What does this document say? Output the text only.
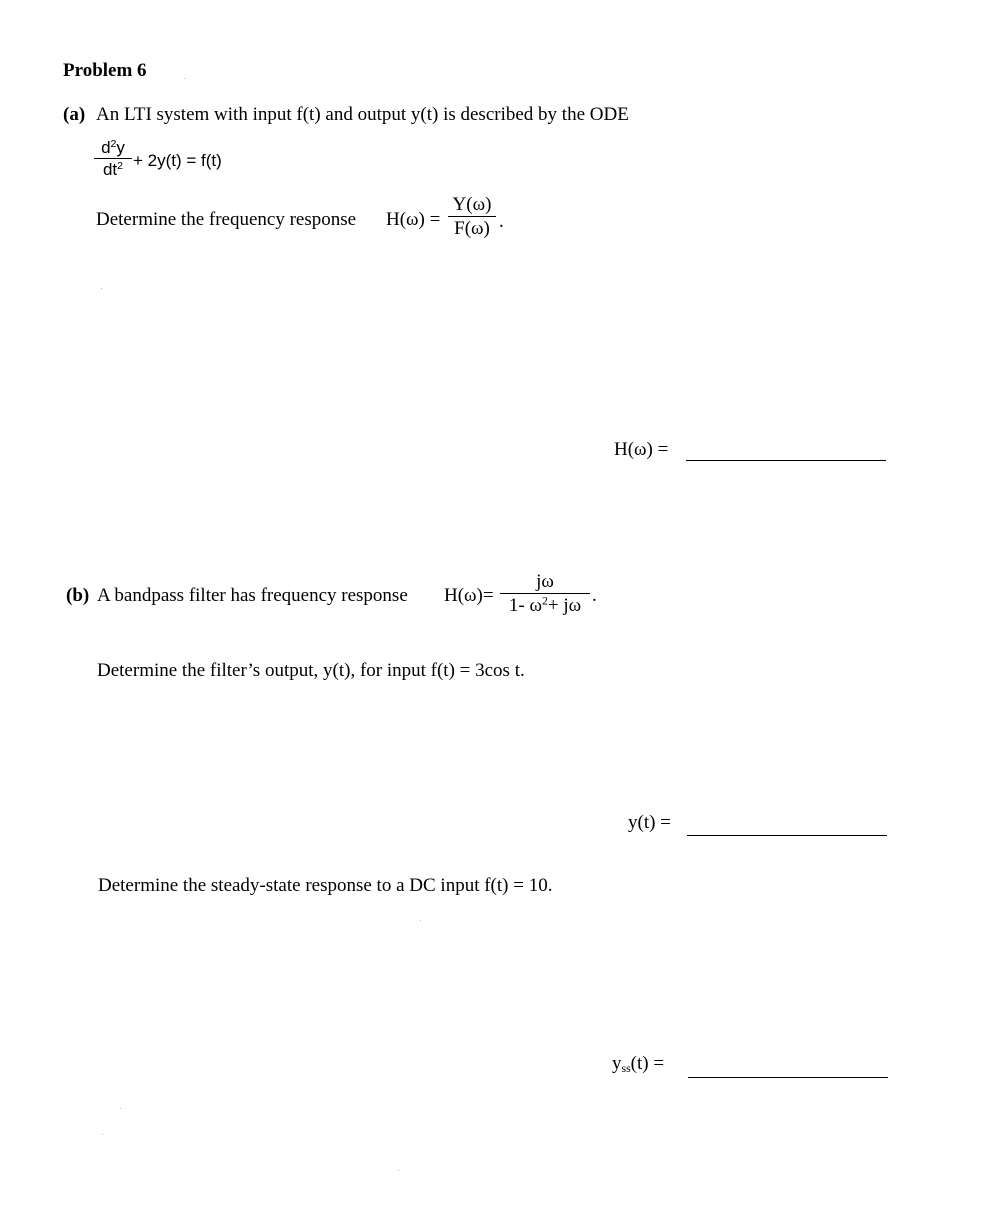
Problem 6
(a) An LTI system with input f(t) and output y(t) is described by the ODE
$\frac{d^2y}{dt^2} + 2y(t) = f(t)$
Determine the frequency response $H(\omega) = \frac{Y(\omega)}{F(\omega)}$ .
H(ω) =
(b) A bandpass filter has frequency response $H(\omega)= \frac{j\omega}{1- \omega^2+ j\omega}$ .
Determine the filter’s output, y(t), for input f(t) = 3cos t.
y(t) =
Determine the steady-state response to a DC input f(t) = 10.
$y_{ss}(t)$ =
